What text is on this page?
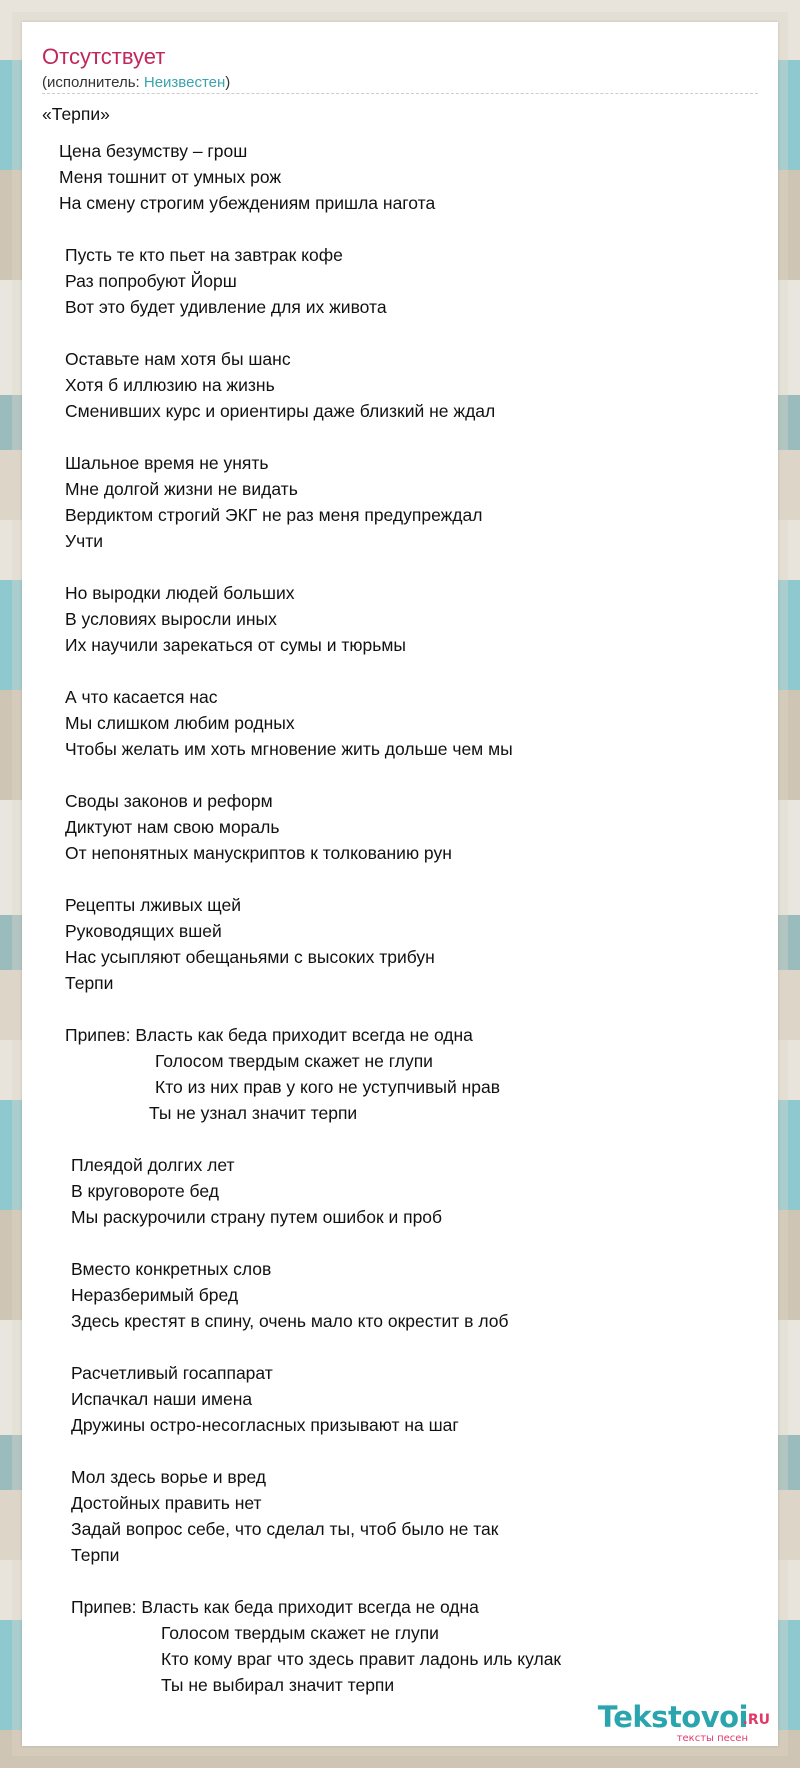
Отсутствует
(исполнитель: Неизвестен)
«Терпи»
Цена безумству – грош
Меня тошнит от умных рож
На смену строгим убеждениям пришла нагота
Пусть те кто пьет на завтрак кофе
Раз попробуют Йорш
Вот это будет удивление для их живота
Оставьте нам хотя бы шанс
Хотя б иллюзию на жизнь
Сменивших курс и ориентиры даже близкий не ждал
Шальное время не унять
Мне долгой жизни не видать
Вердиктом строгий ЭКГ не раз меня предупреждал
Учти
Но выродки людей больших
В условиях выросли иных
Их научили зарекаться от сумы и тюрьмы
А что касается нас
Мы слишком любим родных
Чтобы желать им хоть мгновение жить дольше чем мы
Своды законов и реформ
Диктуют нам свою мораль
От непонятных манускриптов к толкованию рун
Рецепты лживых щей
Руководящих вшей
Нас усыпляют обещаньями с высоких трибун
Терпи
Припев: Власть как беда приходит всегда не одна
Голосом твердым скажет не глупи
Кто из них прав у кого не уступчивый нрав
Ты не узнал значит терпи
Плеядой долгих лет
В круговороте бед
Мы раскурочили страну путем ошибок и проб
Вместо конкретных слов
Неразберимый бред
Здесь крестят в спину, очень мало кто окрестит в лоб
Расчетливый госаппарат
Испачкал наши имена
Дружины остро-несогласных призывают на шаг
Мол здесь ворье и вред
Достойных править нет
Задай вопрос себе, что сделал ты, чтоб было не так
Терпи
Припев: Власть как беда приходит всегда не одна
Голосом твердым скажет не глупи
Кто кому враг что здесь правит ладонь иль кулак
Ты не выбирал значит терпи
Tekstovoi
.RU
тексты песен
